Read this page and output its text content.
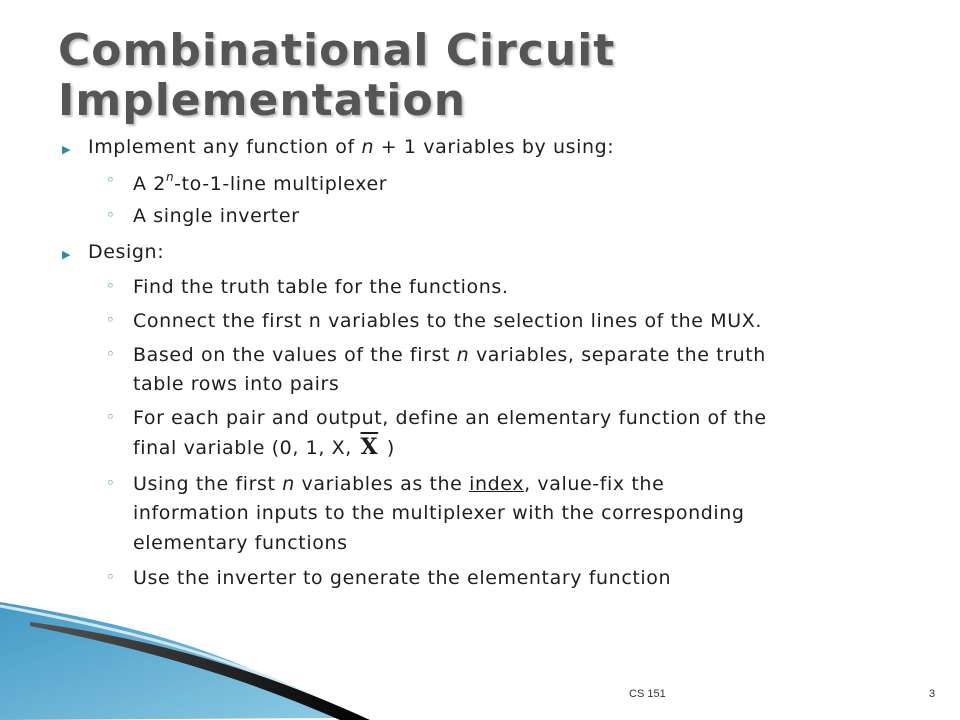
Combinational Circuit
Implementation
▶ Implement any function of n + 1 variables by using:
◦ A 2$^n$-to-1-line multiplexer
◦ A single inverter
▶ Design:
◦ Find the truth table for the functions.
◦ Connect the first n variables to the selection lines of the MUX.
◦ Based on the values of the first n variables, separate the truth
table rows into pairs
◦ For each pair and output, define an elementary function of the
final variable (0, 1, X, $\overline{X}$ )
◦ Using the first n variables as the index, value-fix the
information inputs to the multiplexer with the corresponding
elementary functions
◦ Use the inverter to generate the elementary function
CS 151	3
